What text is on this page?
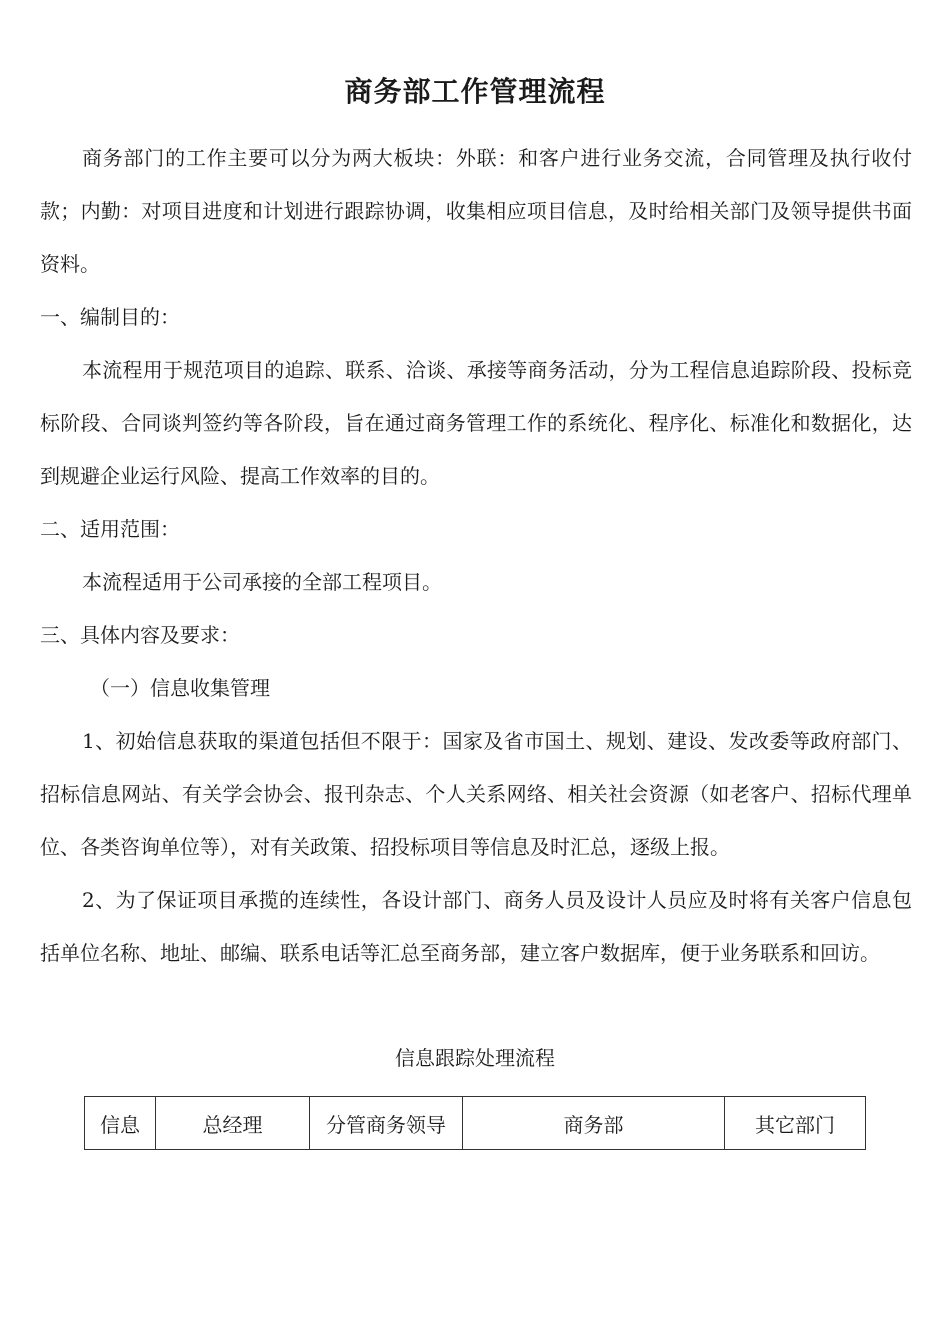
商务部工作管理流程

商务部门的工作主要可以分为两大板块：外联：和客户进行业务交流，合同管理及执行收付款；内勤：对项目进度和计划进行跟踪协调，收集相应项目信息，及时给相关部门及领导提供书面资料。

一、编制目的：

本流程用于规范项目的追踪、联系、洽谈、承接等商务活动，分为工程信息追踪阶段、投标竞标阶段、合同谈判签约等各阶段，旨在通过商务管理工作的系统化、程序化、标准化和数据化，达到规避企业运行风险、提高工作效率的目的。

二、适用范围：

本流程适用于公司承接的全部工程项目。

三、具体内容及要求：

（一）信息收集管理

1、初始信息获取的渠道包括但不限于：国家及省市国土、规划、建设、发改委等政府部门、招标信息网站、有关学会协会、报刊杂志、个人关系网络、相关社会资源（如老客户、招标代理单位、各类咨询单位等），对有关政策、招投标项目等信息及时汇总，逐级上报。

2、为了保证项目承揽的连续性，各设计部门、商务人员及设计人员应及时将有关客户信息包括单位名称、地址、邮编、联系电话等汇总至商务部，建立客户数据库，便于业务联系和回访。

信息跟踪处理流程
信息	总经理	分管商务领导	商务部	其它部门
